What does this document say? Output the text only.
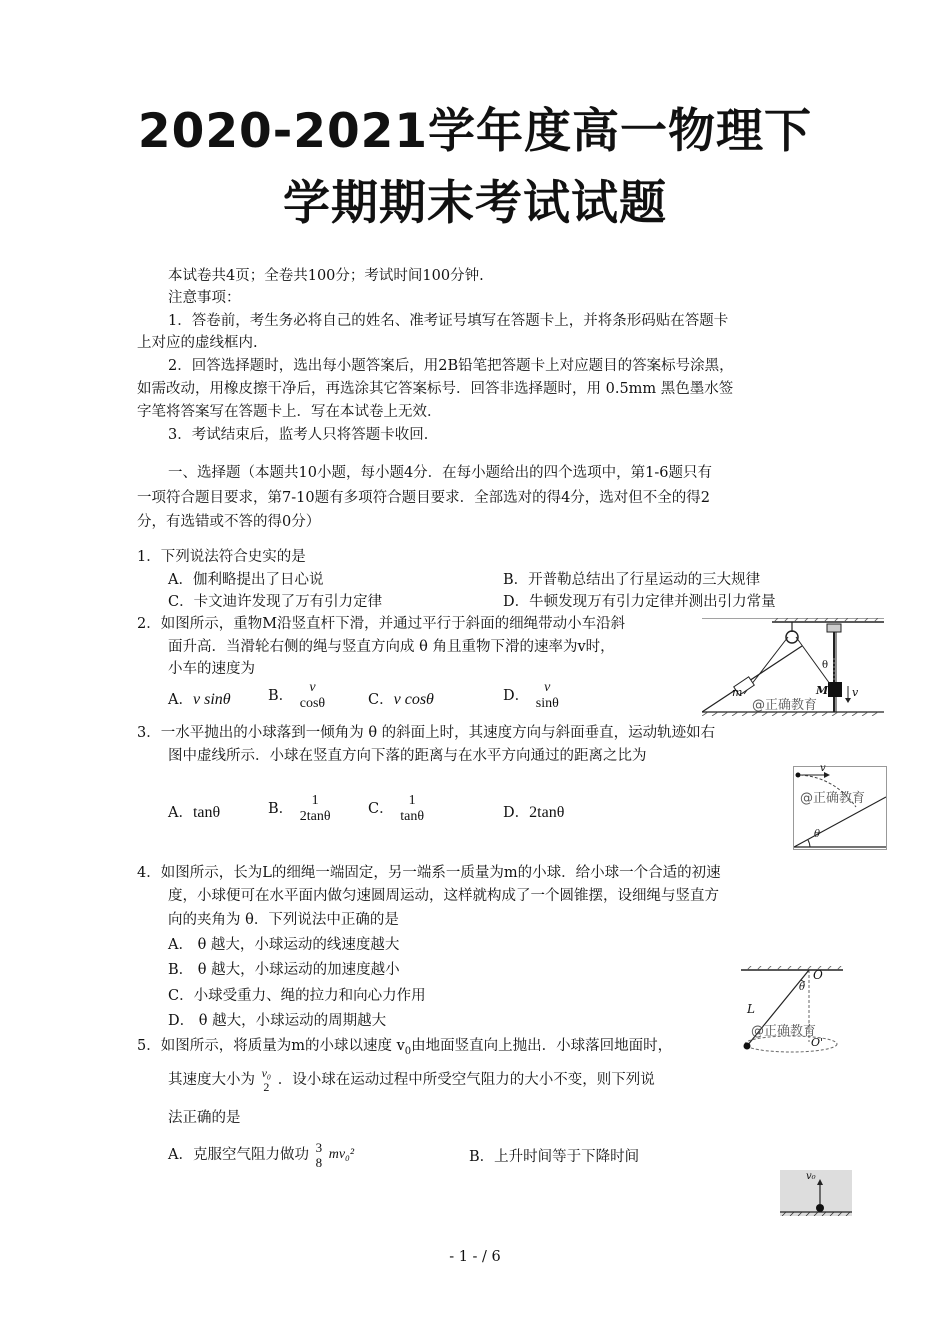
2020-2021学年度高一物理下
学期期末考试试题
本试卷共4页；全卷共100分；考试时间100分钟.
注意事项：
1．答卷前，考生务必将自己的姓名、准考证号填写在答题卡上，并将条形码贴在答题卡
上对应的虚线框内.
2．回答选择题时，选出每小题答案后，用2B铅笔把答题卡上对应题目的答案标号涂黑，
如需改动，用橡皮擦干净后，再选涂其它答案标号．回答非选择题时，用 0.5mm 黑色墨水签
字笔将答案写在答题卡上．写在本试卷上无效．
3．考试结束后，监考人只将答题卡收回．
一、选择题（本题共10小题，每小题4分．在每小题给出的四个选项中，第1-6题只有
一项符合题目要求，第7-10题有多项符合题目要求．全部选对的得4分，选对但不全的得2
分，有选错或不答的得0分）
1．下列说法符合史实的是
A．伽利略提出了日心说	B．开普勒总结出了行星运动的三大规律
C．卡文迪许发现了万有引力定律	D．牛顿发现万有引力定律并测出引力常量
2．如图所示，重物M沿竖直杆下滑，并通过平行于斜面的细绳带动小车沿斜
面升高．当滑轮右侧的绳与竖直方向成 θ 角且重物下滑的速率为v时，
小车的速度为
A．v sinθ	B．
v
cosθ	C．v cosθ	D．
v
sinθ
m	M
θ
v
@正确教育
3．一水平抛出的小球落到一倾角为 θ 的斜面上时，其速度方向与斜面垂直，运动轨迹如右
图中虚线所示．小球在竖直方向下落的距离与在水平方向通过的距离之比为
A．tanθ	B．
1
2tanθ	C．
1
tanθ	D．2tanθ
v
θ
@正确教育
4．如图所示，长为L的细绳一端固定，另一端系一质量为m的小球．给小球一个合适的初速
度，小球便可在水平面内做匀速圆周运动，这样就构成了一个圆锥摆，设细绳与竖直方
向的夹角为 θ．下列说法中正确的是
A． θ 越大，小球运动的线速度越大
B． θ 越大，小球运动的加速度越小
C．小球受重力、绳的拉力和向心力作用
D． θ 越大，小球运动的周期越大
O
O'
L
θ
@正确教育
5．如图所示，将质量为m的小球以速度 $v_0$由地面竖直向上抛出．小球落回地面时，
其速度大小为 v₀
2 ．设小球在运动过程中所受空气阻力的大小不变，则下列说
法正确的是
A．克服空气阻力做功 3
8
mv₀²	B．上升时间等于下降时间
v₀
- 1 - / 6
